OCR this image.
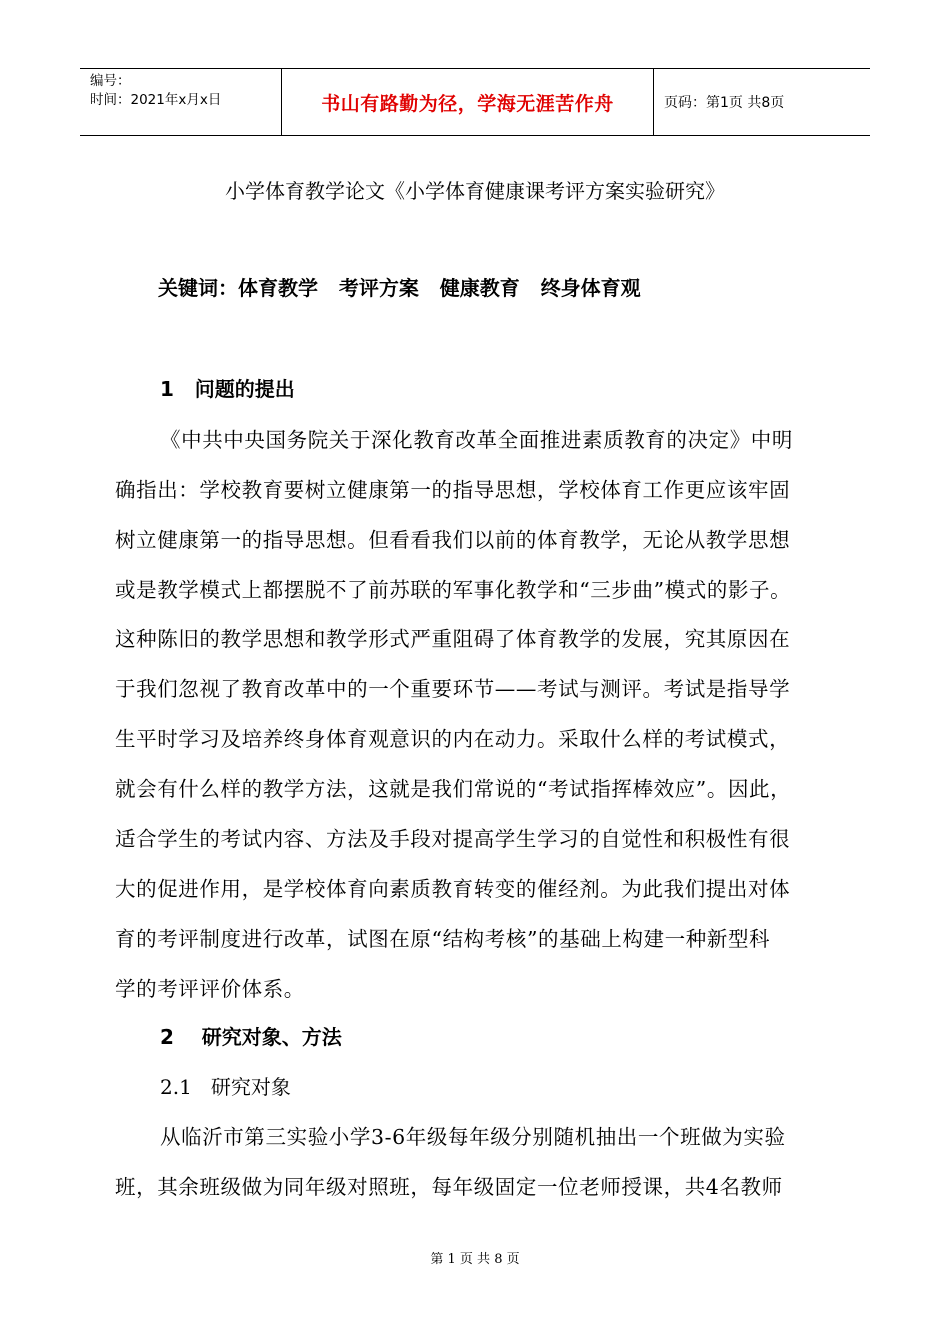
编号：
时间：2021年x月x日	书山有路勤为径，学海无涯苦作舟	页码：第1页 共8页
小学体育教学论文《小学体育健康课考评方案实验研究》
关键词：体育教学   考评方案   健康教育   终身体育观
1   问题的提出
《中共中央国务院关于深化教育改革全面推进素质教育的决定》中明
确指出：学校教育要树立健康第一的指导思想，学校体育工作更应该牢固
树立健康第一的指导思想。但看看我们以前的体育教学，无论从教学思想
或是教学模式上都摆脱不了前苏联的军事化教学和“三步曲”模式的影子。
这种陈旧的教学思想和教学形式严重阻碍了体育教学的发展，究其原因在
于我们忽视了教育改革中的一个重要环节——考试与测评。考试是指导学
生平时学习及培养终身体育观意识的内在动力。采取什么样的考试模式，
就会有什么样的教学方法，这就是我们常说的“考试指挥棒效应”。因此，
适合学生的考试内容、方法及手段对提高学生学习的自觉性和积极性有很
大的促进作用，是学校体育向素质教育转变的催经剂。为此我们提出对体
育的考评制度进行改革，试图在原“结构考核”的基础上构建一种新型科
学的考评评价体系。
2    研究对象、方法
2.1   研究对象
从临沂市第三实验小学3-6年级每年级分别随机抽出一个班做为实验
班，其余班级做为同年级对照班，每年级固定一位老师授课，共4名教师
第 1 页 共 8 页
